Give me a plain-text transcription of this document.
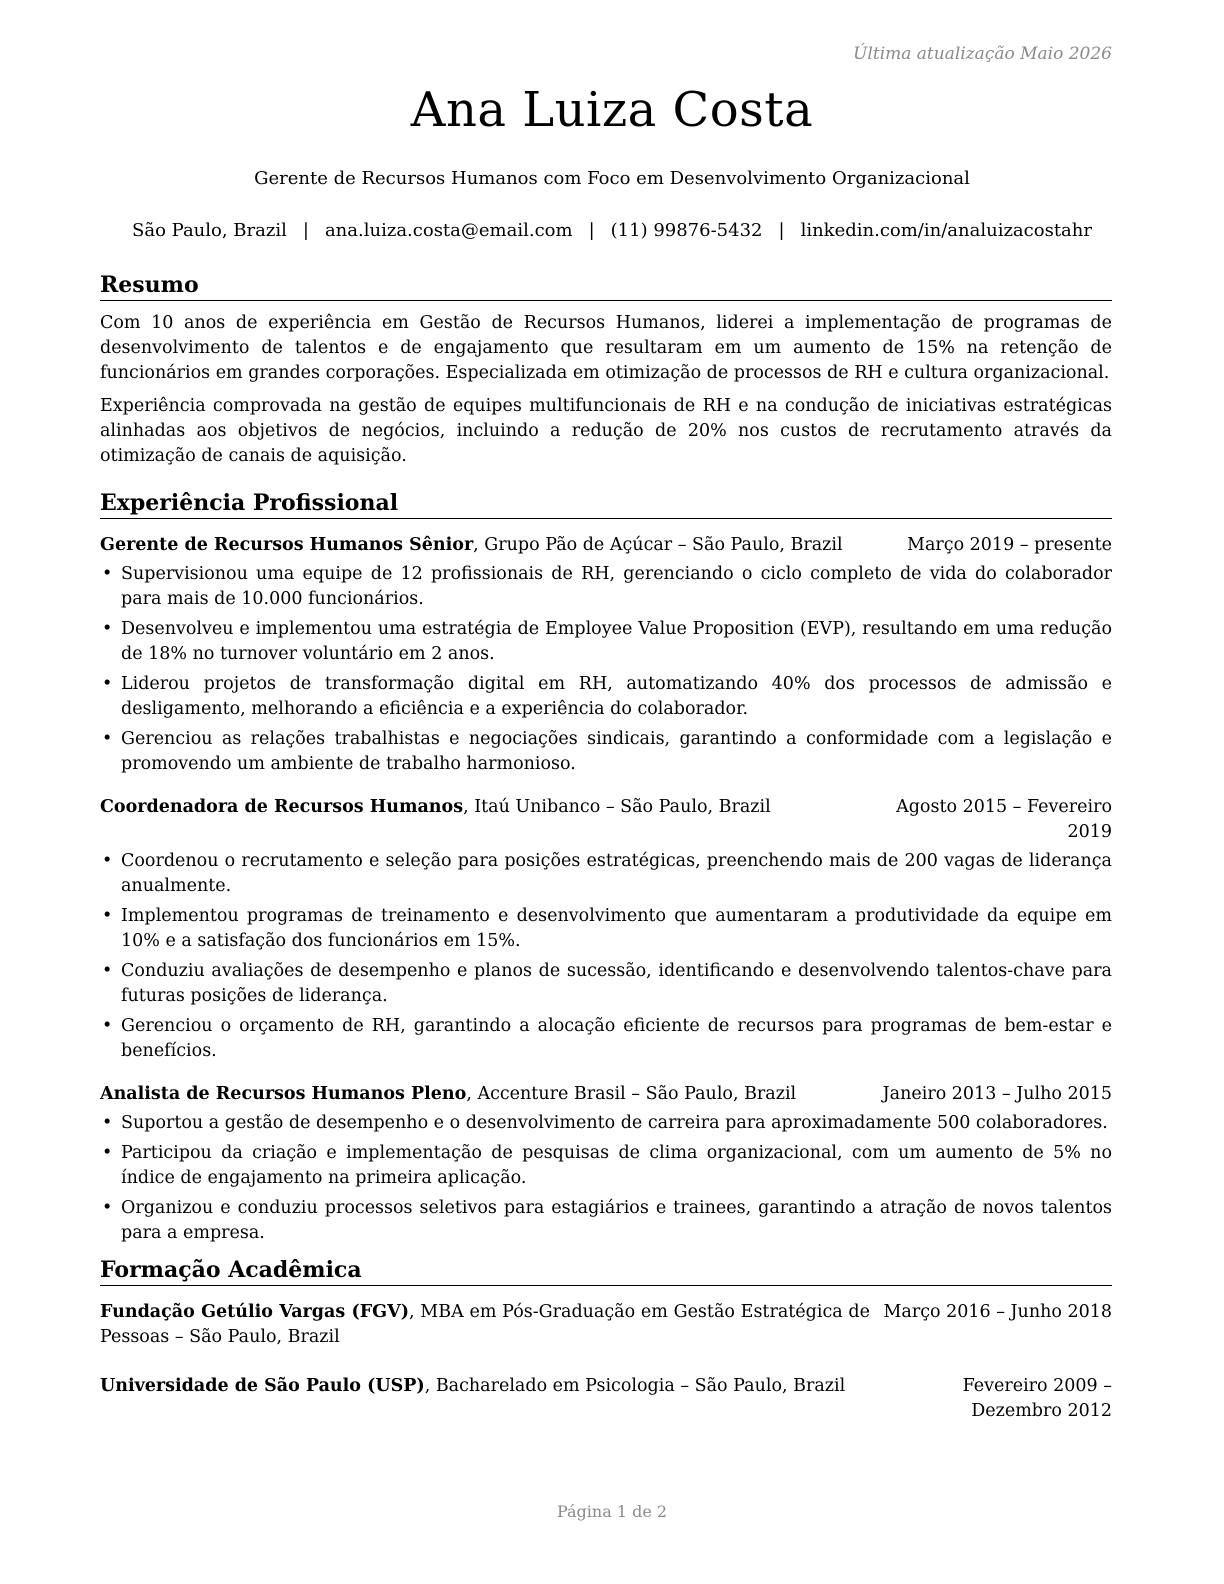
Última atualização Maio 2026
Ana Luiza Costa
Gerente de Recursos Humanos com Foco em Desenvolvimento Organizacional
São Paulo, Brazil | ana.luiza.costa@email.com | (11) 99876-5432 | linkedin.com/in/analuizacostahr
Resumo

Com 10 anos de experiência em Gestão de Recursos Humanos, liderei a implementação de programas de desenvolvimento de talentos e de engajamento que resultaram em um aumento de 15% na retenção de funcionários em grandes corporações. Especializada em otimização de processos de RH e cultura organizacional.

Experiência comprovada na gestão de equipes multifuncionais de RH e na condução de iniciativas estratégicas alinhadas aos objetivos de negócios, incluindo a redução de 20% nos custos de recrutamento através da otimização de canais de aquisição.

Experiência Profissional
Gerente de Recursos Humanos Sênior, Grupo Pão de Açúcar – São Paulo, Brazil	Março 2019 – presente
• Supervisionou uma equipe de 12 profissionais de RH, gerenciando o ciclo completo de vida do colaborador para mais de 10.000 funcionários.
• Desenvolveu e implementou uma estratégia de Employee Value Proposition (EVP), resultando em uma redução de 18% no turnover voluntário em 2 anos.
• Liderou projetos de transformação digital em RH, automatizando 40% dos processos de admissão e desligamento, melhorando a eficiência e a experiência do colaborador.
• Gerenciou as relações trabalhistas e negociações sindicais, garantindo a conformidade com a legislação e promovendo um ambiente de trabalho harmonioso.
Coordenadora de Recursos Humanos, Itaú Unibanco – São Paulo, Brazil	Agosto 2015 – Fevereiro 2019
• Coordenou o recrutamento e seleção para posições estratégicas, preenchendo mais de 200 vagas de liderança anualmente.
• Implementou programas de treinamento e desenvolvimento que aumentaram a produtividade da equipe em 10% e a satisfação dos funcionários em 15%.
• Conduziu avaliações de desempenho e planos de sucessão, identificando e desenvolvendo talentos-chave para futuras posições de liderança.
• Gerenciou o orçamento de RH, garantindo a alocação eficiente de recursos para programas de bem-estar e benefícios.
Analista de Recursos Humanos Pleno, Accenture Brasil – São Paulo, Brazil	Janeiro 2013 – Julho 2015
• Suportou a gestão de desempenho e o desenvolvimento de carreira para aproximadamente 500 colaboradores.
• Participou da criação e implementação de pesquisas de clima organizacional, com um aumento de 5% no índice de engajamento na primeira aplicação.
• Organizou e conduziu processos seletivos para estagiários e trainees, garantindo a atração de novos talentos para a empresa.
Formação Acadêmica
Fundação Getúlio Vargas (FGV), MBA em Pós-Graduação em Gestão Estratégica de Pessoas – São Paulo, Brazil
Março 2016 – Junho 2018
Universidade de São Paulo (USP), Bacharelado em Psicologia – São Paulo, Brazil	Fevereiro 2009 – Dezembro 2012
Página 1 de 2
